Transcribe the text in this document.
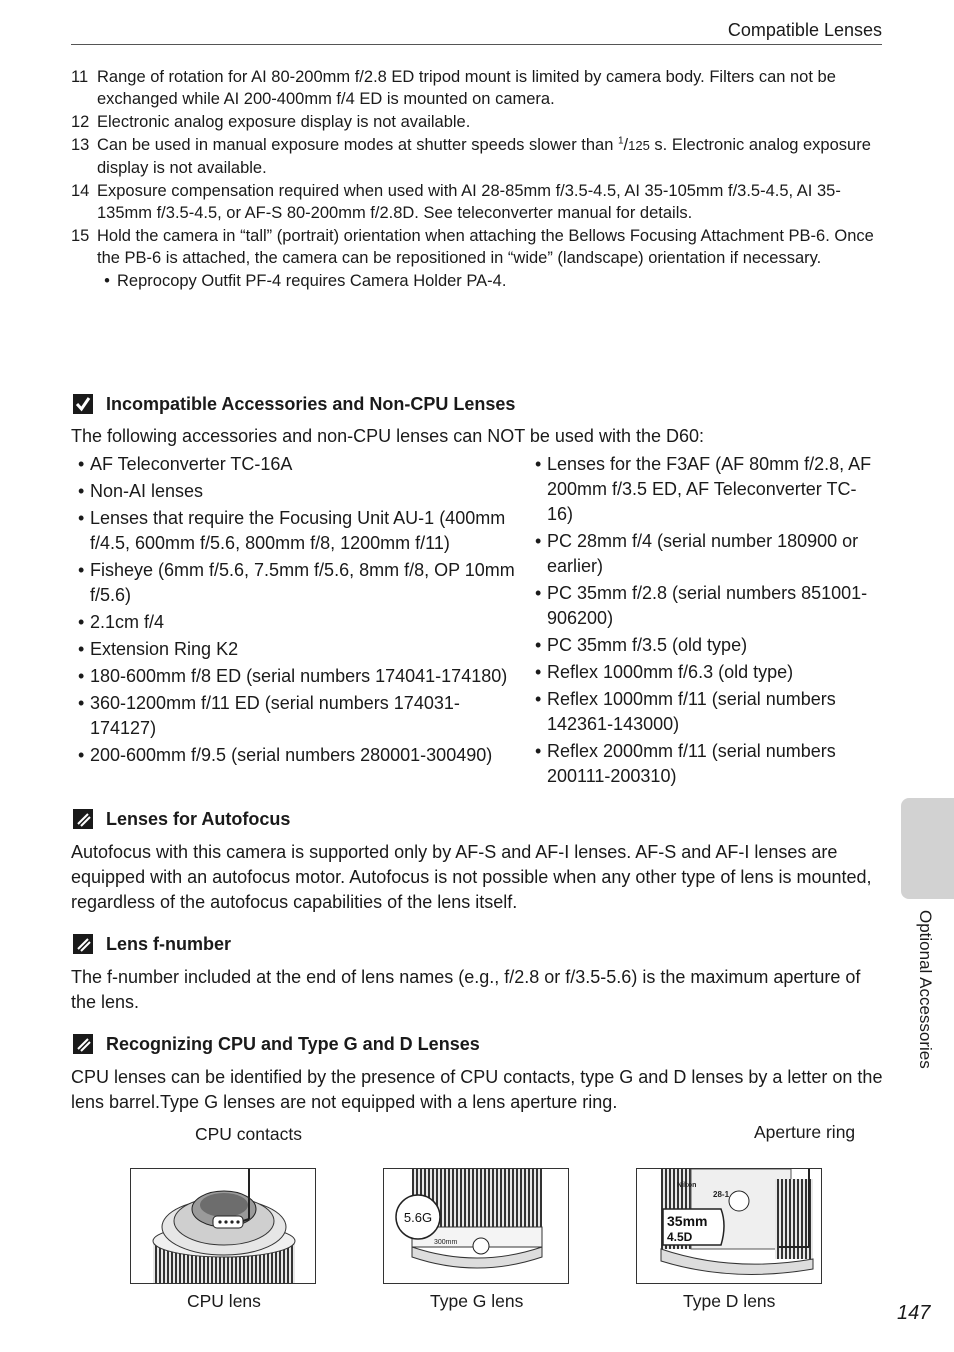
Compatible Lenses
11 Range of rotation for AI 80-200mm f/2.8 ED tripod mount is limited by camera body. Filters can not be exchanged while AI 200-400mm f/4 ED is mounted on camera.
12 Electronic analog exposure display is not available.
13 Can be used in manual exposure modes at shutter speeds slower than $^1$/125 s. Electronic analog exposure display is not available.
14 Exposure compensation required when used with AI 28-85mm f/3.5-4.5, AI 35-105mm f/3.5-4.5, AI 35-135mm f/3.5-4.5, or AF-S 80-200mm f/2.8D. See teleconverter manual for details.
15 Hold the camera in “tall” (portrait) orientation when attaching the Bellows Focusing Attachment PB-6. Once the PB-6 is attached, the camera can be repositioned in “wide” (landscape) orientation if necessary.
• Reprocopy Outfit PF-4 requires Camera Holder PA-4.
Incompatible Accessories and Non-CPU Lenses
The following accessories and non-CPU lenses can NOT be used with the D60:
• AF Teleconverter TC-16A
• Non-AI lenses
• Lenses that require the Focusing Unit AU-1 (400mm f/4.5, 600mm f/5.6, 800mm f/8, 1200mm f/11)
• Fisheye (6mm f/5.6, 7.5mm f/5.6, 8mm f/8, OP 10mm f/5.6)
• 2.1cm f/4
• Extension Ring K2
• 180-600mm f/8 ED (serial numbers 174041-174180)
• 360-1200mm f/11 ED (serial numbers 174031-174127)
• 200-600mm f/9.5 (serial numbers 280001-300490)
• Lenses for the F3AF (AF 80mm f/2.8, AF 200mm f/3.5 ED, AF Teleconverter TC-16)
• PC 28mm f/4 (serial number 180900 or earlier)
• PC 35mm f/2.8 (serial numbers 851001-906200)
• PC 35mm f/3.5 (old type)
• Reflex 1000mm f/6.3 (old type)
• Reflex 1000mm f/11 (serial numbers 142361-143000)
• Reflex 2000mm f/11 (serial numbers 200111-200310)
Lenses for Autofocus
Autofocus with this camera is supported only by AF-S and AF-I lenses. AF-S and AF-I lenses are equipped with an autofocus motor. Autofocus is not possible when any other type of lens is mounted, regardless of the autofocus capabilities of the lens itself.
Lens f-number
The f-number included at the end of lens names (e.g., f/2.8 or f/3.5-5.6) is the maximum aperture of the lens.
Recognizing CPU and Type G and D Lenses
CPU lenses can be identified by the presence of CPU contacts, type G and D lenses by a letter on the lens barrel.Type G lenses are not equipped with a lens aperture ring.
CPU contacts	Aperture ring
300mm
5.6G
Nikon
28-1
35mm
4.5D
CPU lens	Type G lens	Type D lens
Optional Accessories
147
